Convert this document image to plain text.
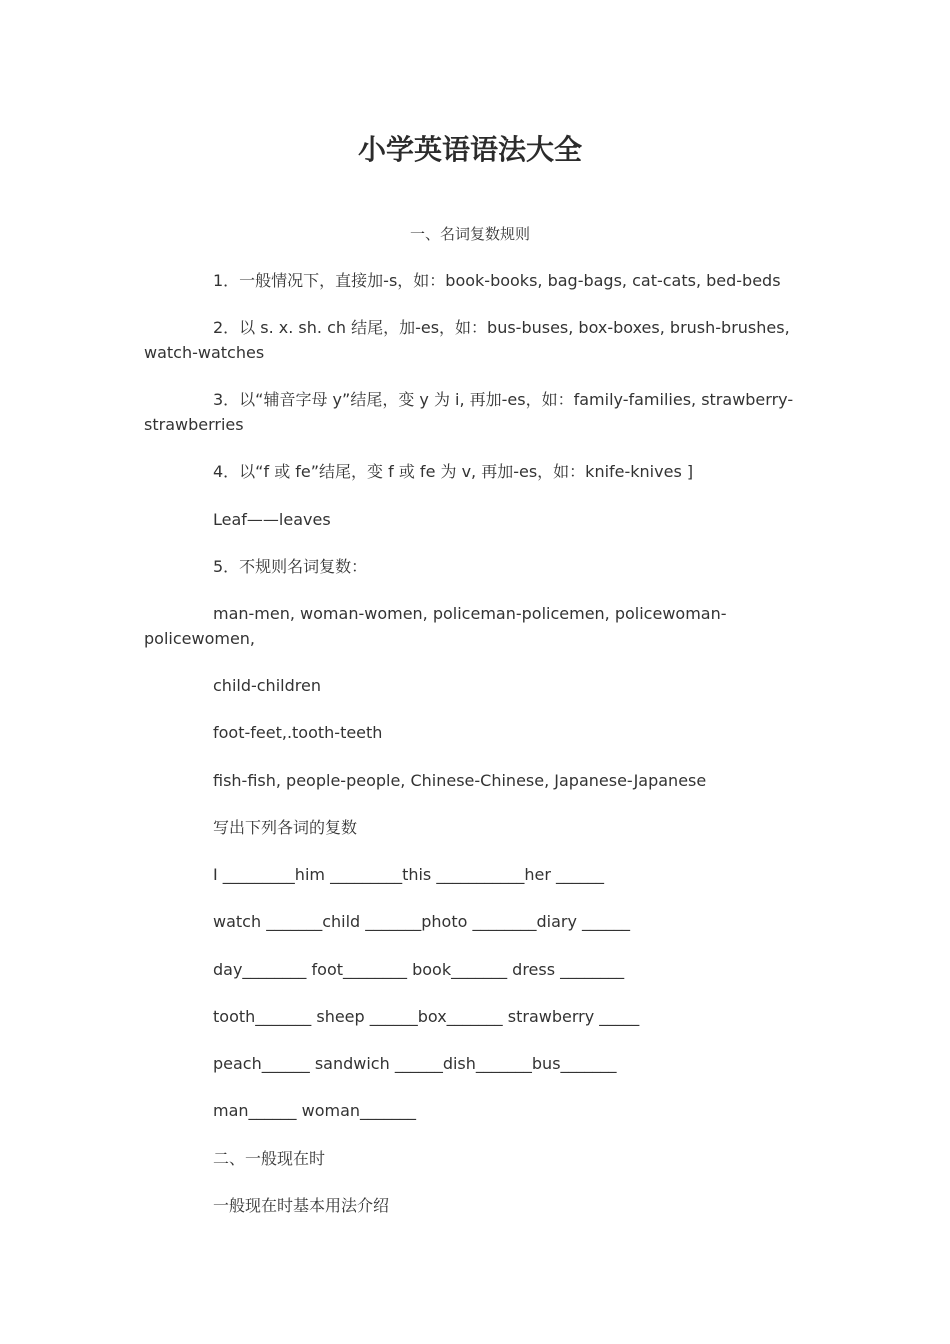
小学英语语法大全
一、名词复数规则
1．一般情况下，直接加-s，如：book-books, bag-bags, cat-cats, bed-beds
2．以 s. x. sh. ch 结尾，加-es，如：bus-buses, box-boxes, brush-brushes, watch-watches
3．以“辅音字母 y”结尾，变 y 为 i, 再加-es，如：family-families, strawberry-strawberries
4．以“f 或 fe”结尾，变 f 或 fe 为 v, 再加-es，如：knife-knives ]
Leaf——leaves
5．不规则名词复数：
man-men, woman-women, policeman-policemen, policewoman-policewomen,
child-children
foot-feet,.tooth-teeth
fish-fish, people-people, Chinese-Chinese, Japanese-Japanese
写出下列各词的复数
I _________him _________this ___________her ______
watch _______child _______photo ________diary ______
day________ foot________ book_______ dress ________
tooth_______ sheep ______box_______ strawberry _____
peach______ sandwich ______dish_______bus_______
man______ woman_______
二、一般现在时
一般现在时基本用法介绍
